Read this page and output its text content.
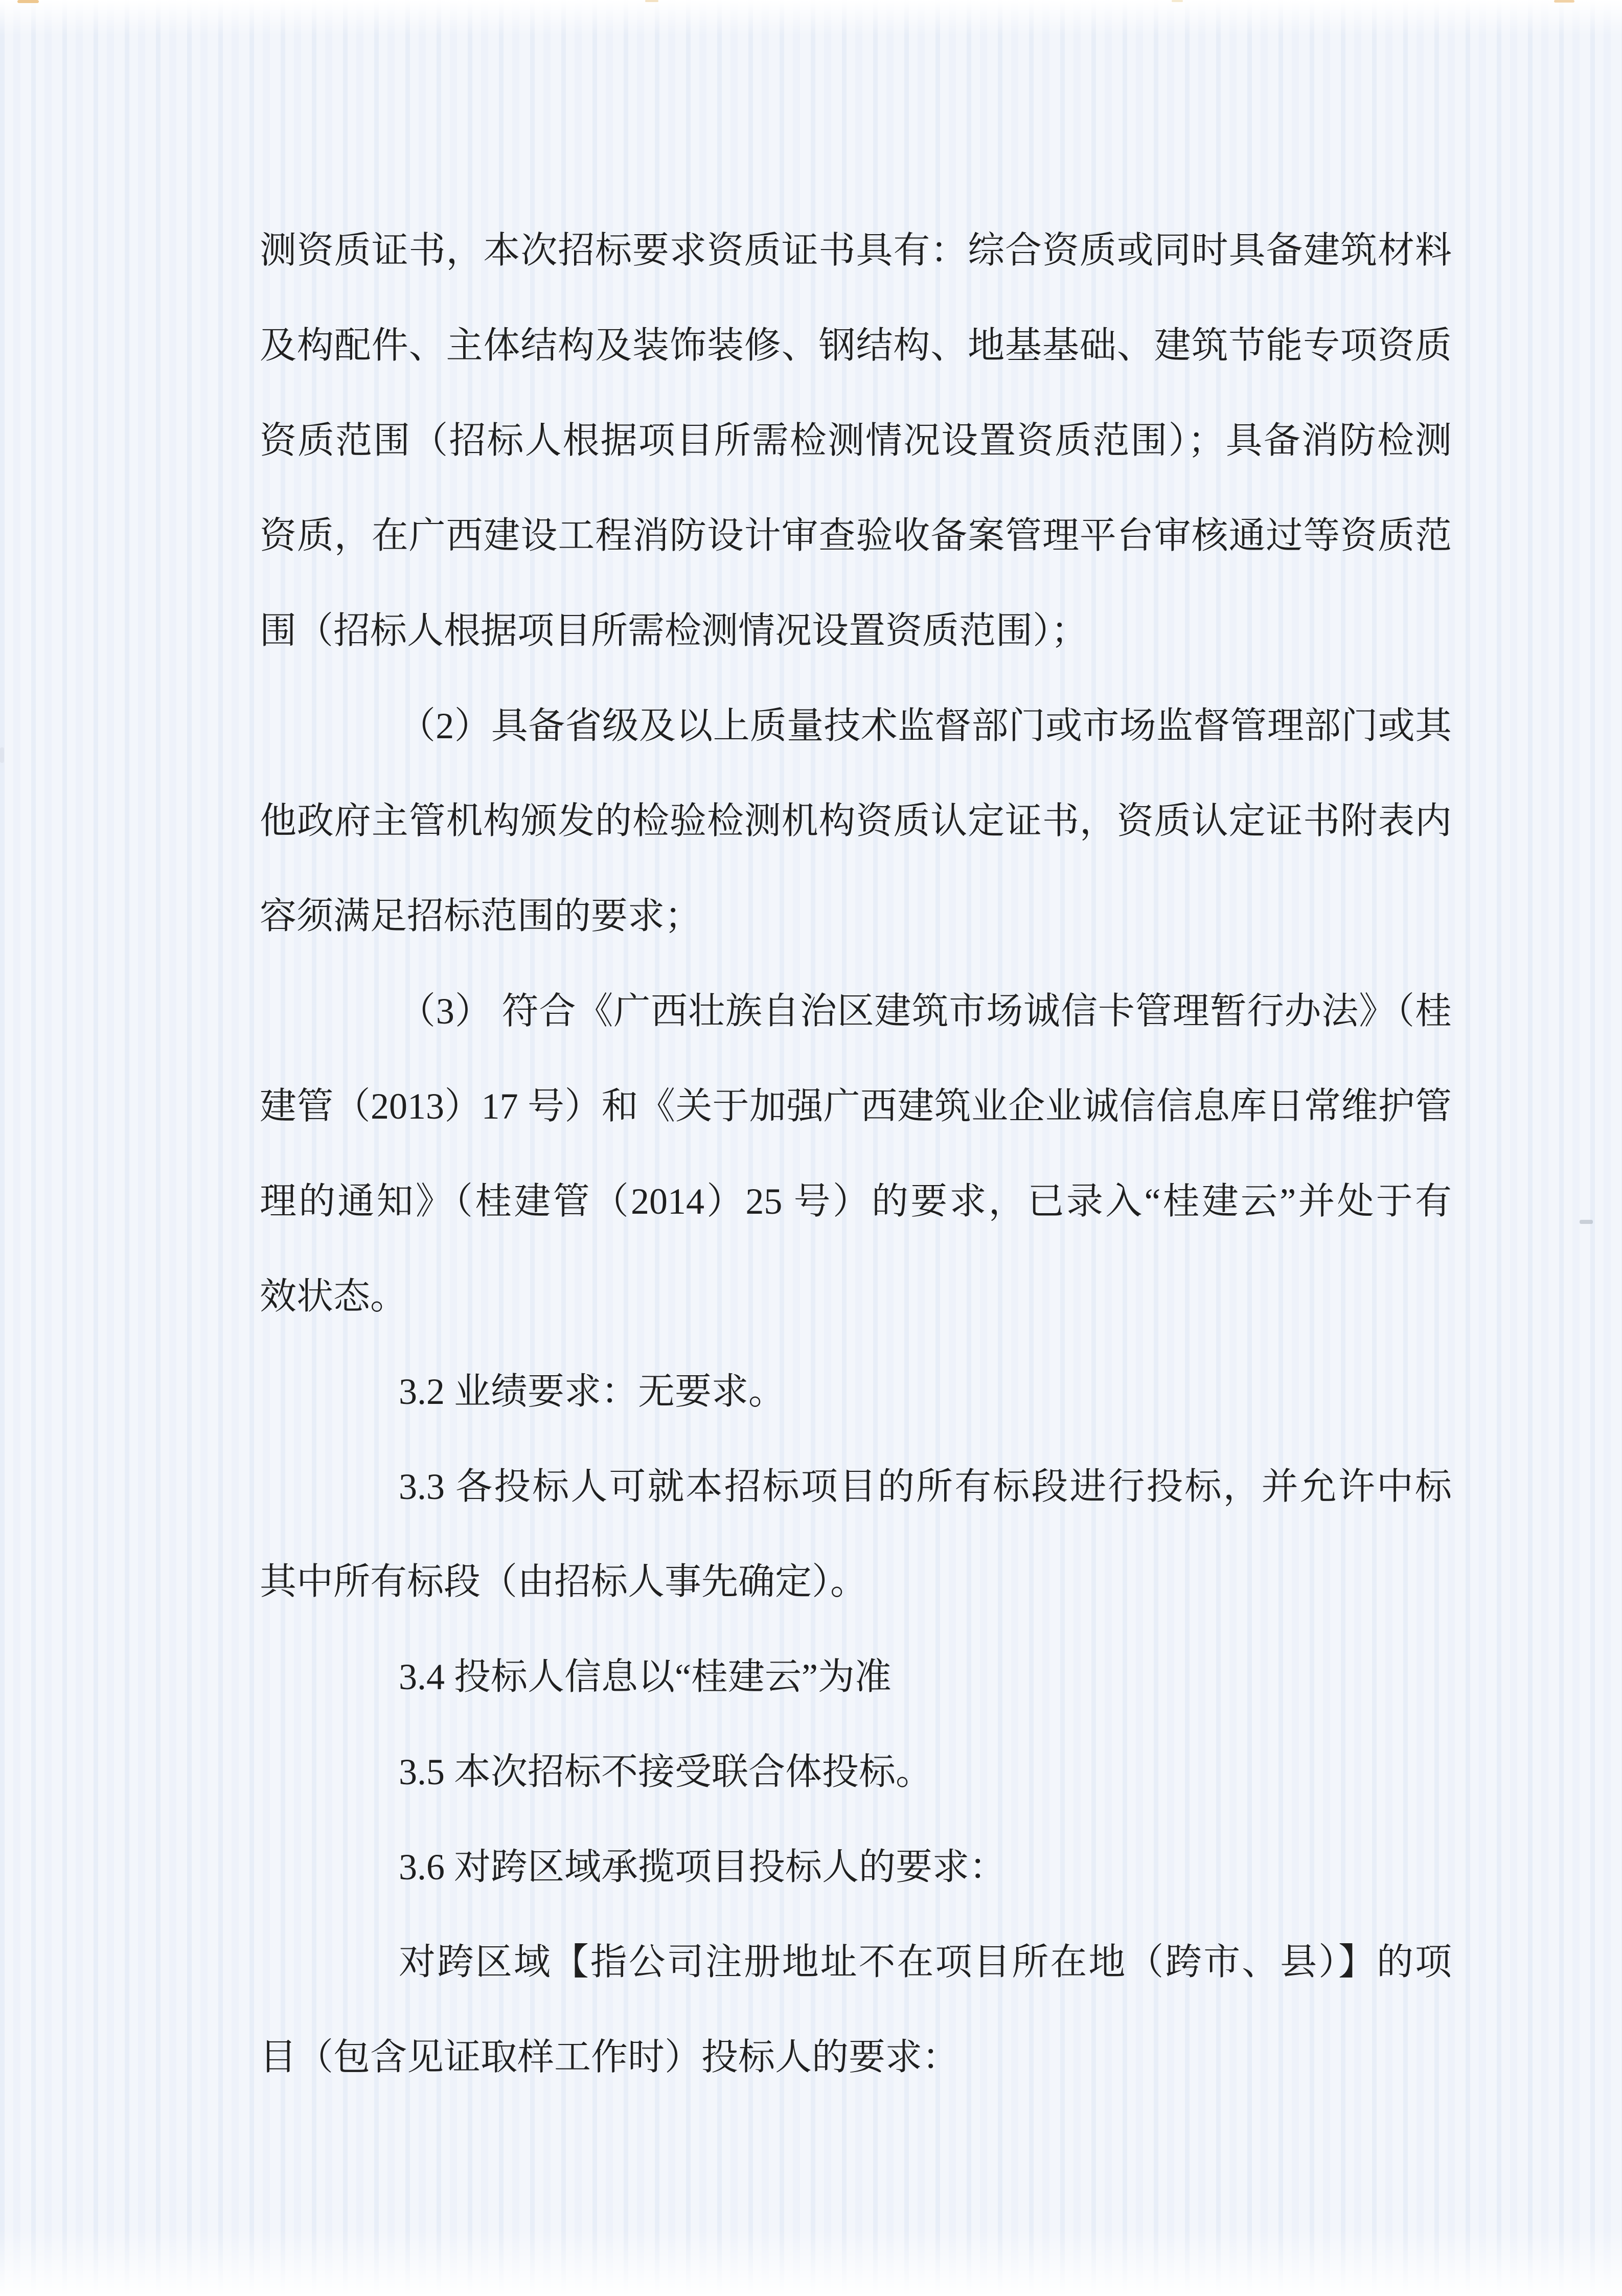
测资质证书，本次招标要求资质证书具有：综合资质或同时具备建筑材料
及构配件、主体结构及装饰装修、钢结构、地基基础、建筑节能专项资质
资质范围（招标人根据项目所需检测情况设置资质范围）；具备消防检测
资质，在广西建设工程消防设计审查验收备案管理平台审核通过等资质范
围（招标人根据项目所需检测情况设置资质范围）；
（2）具备省级及以上质量技术监督部门或市场监督管理部门或其
他政府主管机构颁发的检验检测机构资质认定证书，资质认定证书附表内
容须满足招标范围的要求；
（3） 符合《广西壮族自治区建筑市场诚信卡管理暂行办法》（桂
建管（2013）17 号）和《关于加强广西建筑业企业诚信信息库日常维护管
理的通知》（桂建管（2014）25 号）的要求，已录入“桂建云”并处于有
效状态。
3.2 业绩要求：无要求。
3.3 各投标人可就本招标项目的所有标段进行投标，并允许中标
其中所有标段（由招标人事先确定）。
3.4 投标人信息以“桂建云”为准
3.5 本次招标不接受联合体投标。
3.6 对跨区域承揽项目投标人的要求：
对跨区域【指公司注册地址不在项目所在地（跨市、县）】的项
目（包含见证取样工作时）投标人的要求：
